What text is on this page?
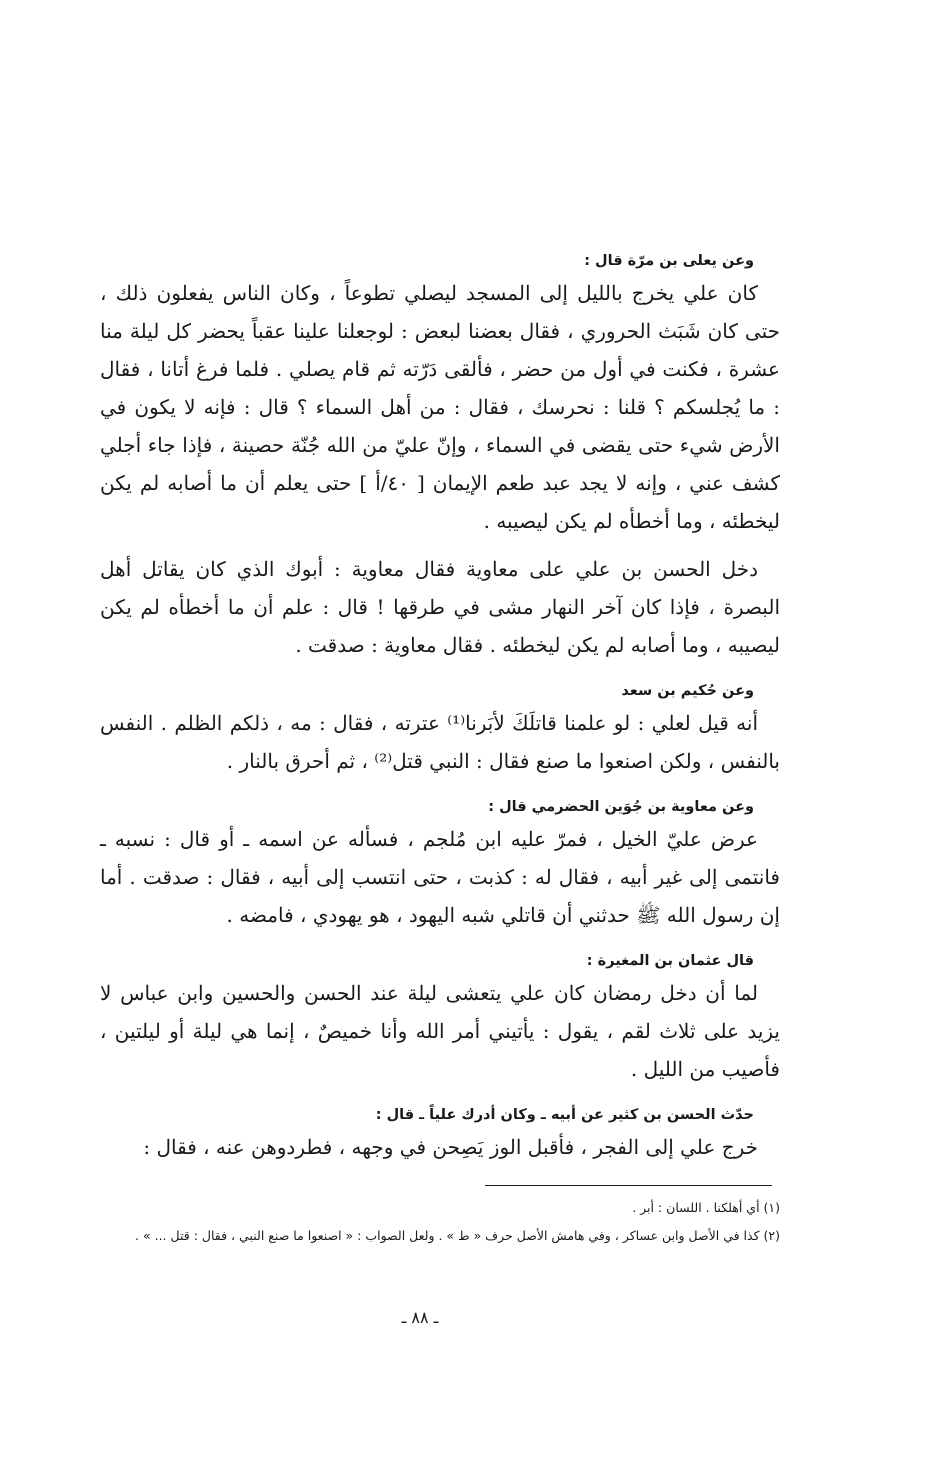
وعن يعلى بن مرّة قال :

كان علي يخرج بالليل إلى المسجد ليصلي تطوعاً ، وكان الناس يفعلون ذلك ، حتى كان شَبَث الحروري ، فقال بعضنا لبعض : لوجعلنا علينا عقباً يحضر كل ليلة منا عشرة ، فكنت في أول من حضر ، فألقى دَرّته ثم قام يصلي . فلما فرغ أتانا ، فقال : ما يُجلسكم ؟ قلنا : نحرسك ، فقال : من أهل السماء ؟ قال : فإنه لا يكون في الأرض شيء حتى يقضى في السماء ، وإنّ عليّ من الله جُنّة حصينة ، فإذا جاء أجلي كشف عني ، وإنه لا يجد عبد طعم الإيمان [ ٤٠/أ ] حتى يعلم أن ما أصابه لم يكن ليخطئه ، وما أخطأه لم يكن ليصيبه .

دخل الحسن بن علي على معاوية فقال معاوية : أبوك الذي كان يقاتل أهل البصرة ، فإذا كان آخر النهار مشى في طرقها ! قال : علم أن ما أخطأه لم يكن ليصيبه ، وما أصابه لم يكن ليخطئه . فقال معاوية : صدقت .

وعن حُكيم بن سعد

أنه قيل لعلي : لو علمنا قاتلَكَ لأبَرنا⁽¹⁾ عترته ، فقال : مه ، ذلكم الظلم . النفس بالنفس ، ولكن اصنعوا ما صنع فقال : النبي قتل⁽²⁾ ، ثم أحرق بالنار .

وعن معاوية بن جُوَين الحضرمي قال :

عرض عليّ الخيل ، فمرّ عليه ابن مُلجم ، فسأله عن اسمه ـ أو قال : نسبه ـ فانتمى إلى غير أبيه ، فقال له : كذبت ، حتى انتسب إلى أبيه ، فقال : صدقت . أما إن رسول الله ﷺ حدثني أن قاتلي شبه اليهود ، هو يهودي ، فامضه .

قال عثمان بن المغيرة :

لما أن دخل رمضان كان علي يتعشى ليلة عند الحسن والحسين وابن عباس لا يزيد على ثلاث لقم ، يقول : يأتيني أمر الله وأنا خميصٌ ، إنما هي ليلة أو ليلتين ، فأصيب من الليل .

حدّث الحسن بن كثير عن أبيه ـ وكان أدرك علياً ـ قال :

خرج علي إلى الفجر ، فأقبل الوز يَصِحن في وجهه ، فطردوهن عنه ، فقال :

(١) أي أهلكنا . اللسان : أبر .

(٢) كذا في الأصل وابن عساكر ، وفي هامش الأصل حرف « ط » . ولعل الصواب : « اصنعوا ما صنع النبي ، فقال : قتل ... » .

ـ ٨٨ ـ
